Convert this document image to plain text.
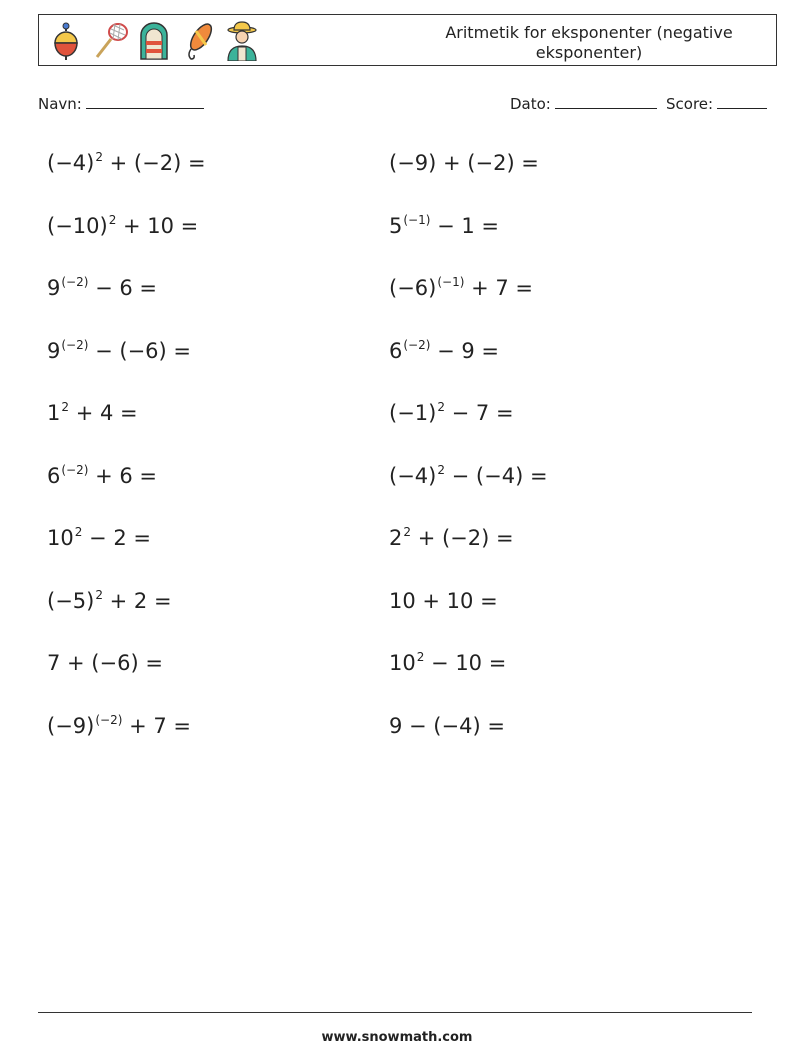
Aritmetik for eksponenter (negative eksponenter)
Navn:	Dato:	Score:
$(-4)^2 + (-2)$ =
$(-10)^2 + 10$ =
$9^{(-2)} - 6$ =
$9^{(-2)} - (-6)$ =
$1^2 + 4$ =
$6^{(-2)} + 6$ =
$10^2 - 2$ =
$(-5)^2 + 2$ =
7 + (−6) =
$(-9)^{(-2)} + 7$ =
(−9) + (−2) =
$5^{(-1)} - 1$ =
$(-6)^{(-1)} + 7$ =
$6^{(-2)} - 9$ =
$(-1)^2 - 7$ =
$(-4)^2 - (-4)$ =
$2^2 + (-2)$ =
10 + 10 =
$10^2 - 10$ =
9 − (−4) =
www.snowmath.com
